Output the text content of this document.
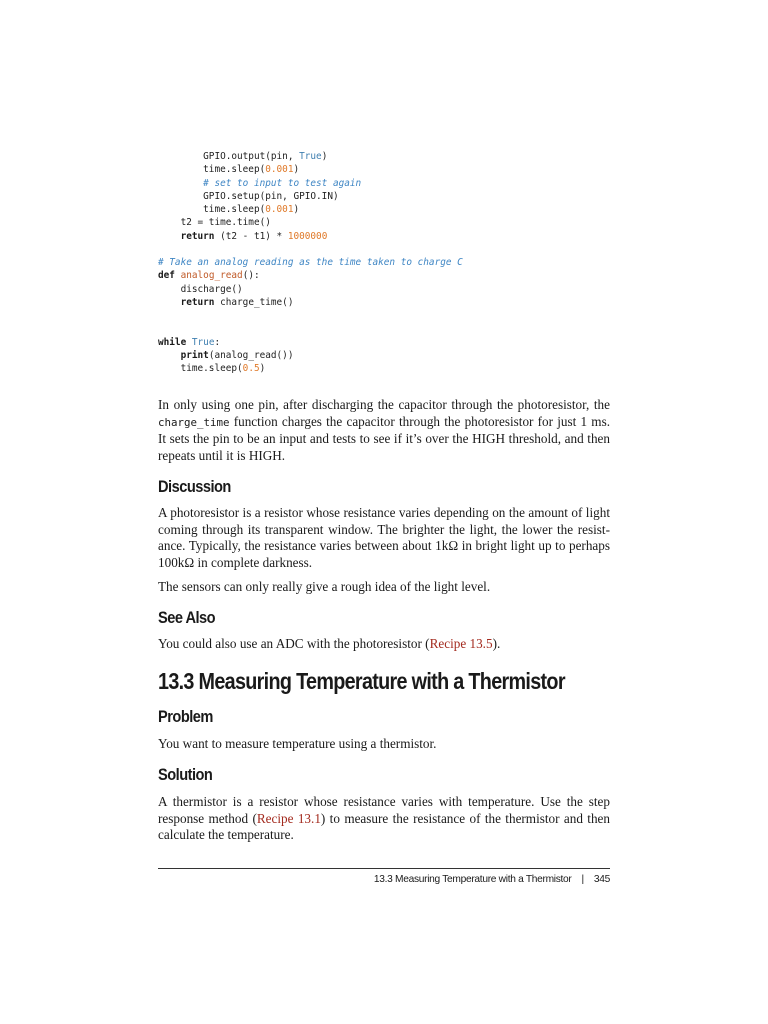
GPIO.output(pin, True)
time.sleep(0.001)
# set to input to test again
GPIO.setup(pin, GPIO.IN)
time.sleep(0.001)
t2 = time.time()
return (t2 - t1) * 1000000
# Take an analog reading as the time taken to charge C
def analog_read():
discharge()
return charge_time()
while True:
print(analog_read())
time.sleep(0.5)

In only using one pin, after discharging the capacitor through the photoresistor, the charge_time function charges the capacitor through the photoresistor for just 1 ms. It sets the pin to be an input and tests to see if it’s over the HIGH threshold, and then repeats until it is HIGH.

Discussion

A photoresistor is a resistor whose resistance varies depending on the amount of light coming through its transparent window. The brighter the light, the lower the resistance. Typically, the resistance varies between about 1kΩ in bright light up to perhaps 100kΩ in complete darkness.

The sensors can only really give a rough idea of the light level.

See Also

You could also use an ADC with the photoresistor (Recipe 13.5).

13.3 Measuring Temperature with a Thermistor
Problem

You want to measure temperature using a thermistor.

Solution

A thermistor is a resistor whose resistance varies with temperature. Use the step response method (Recipe 13.1) to measure the resistance of the thermistor and then calculate the temperature.

13.3 Measuring Temperature with a Thermistor | 345
